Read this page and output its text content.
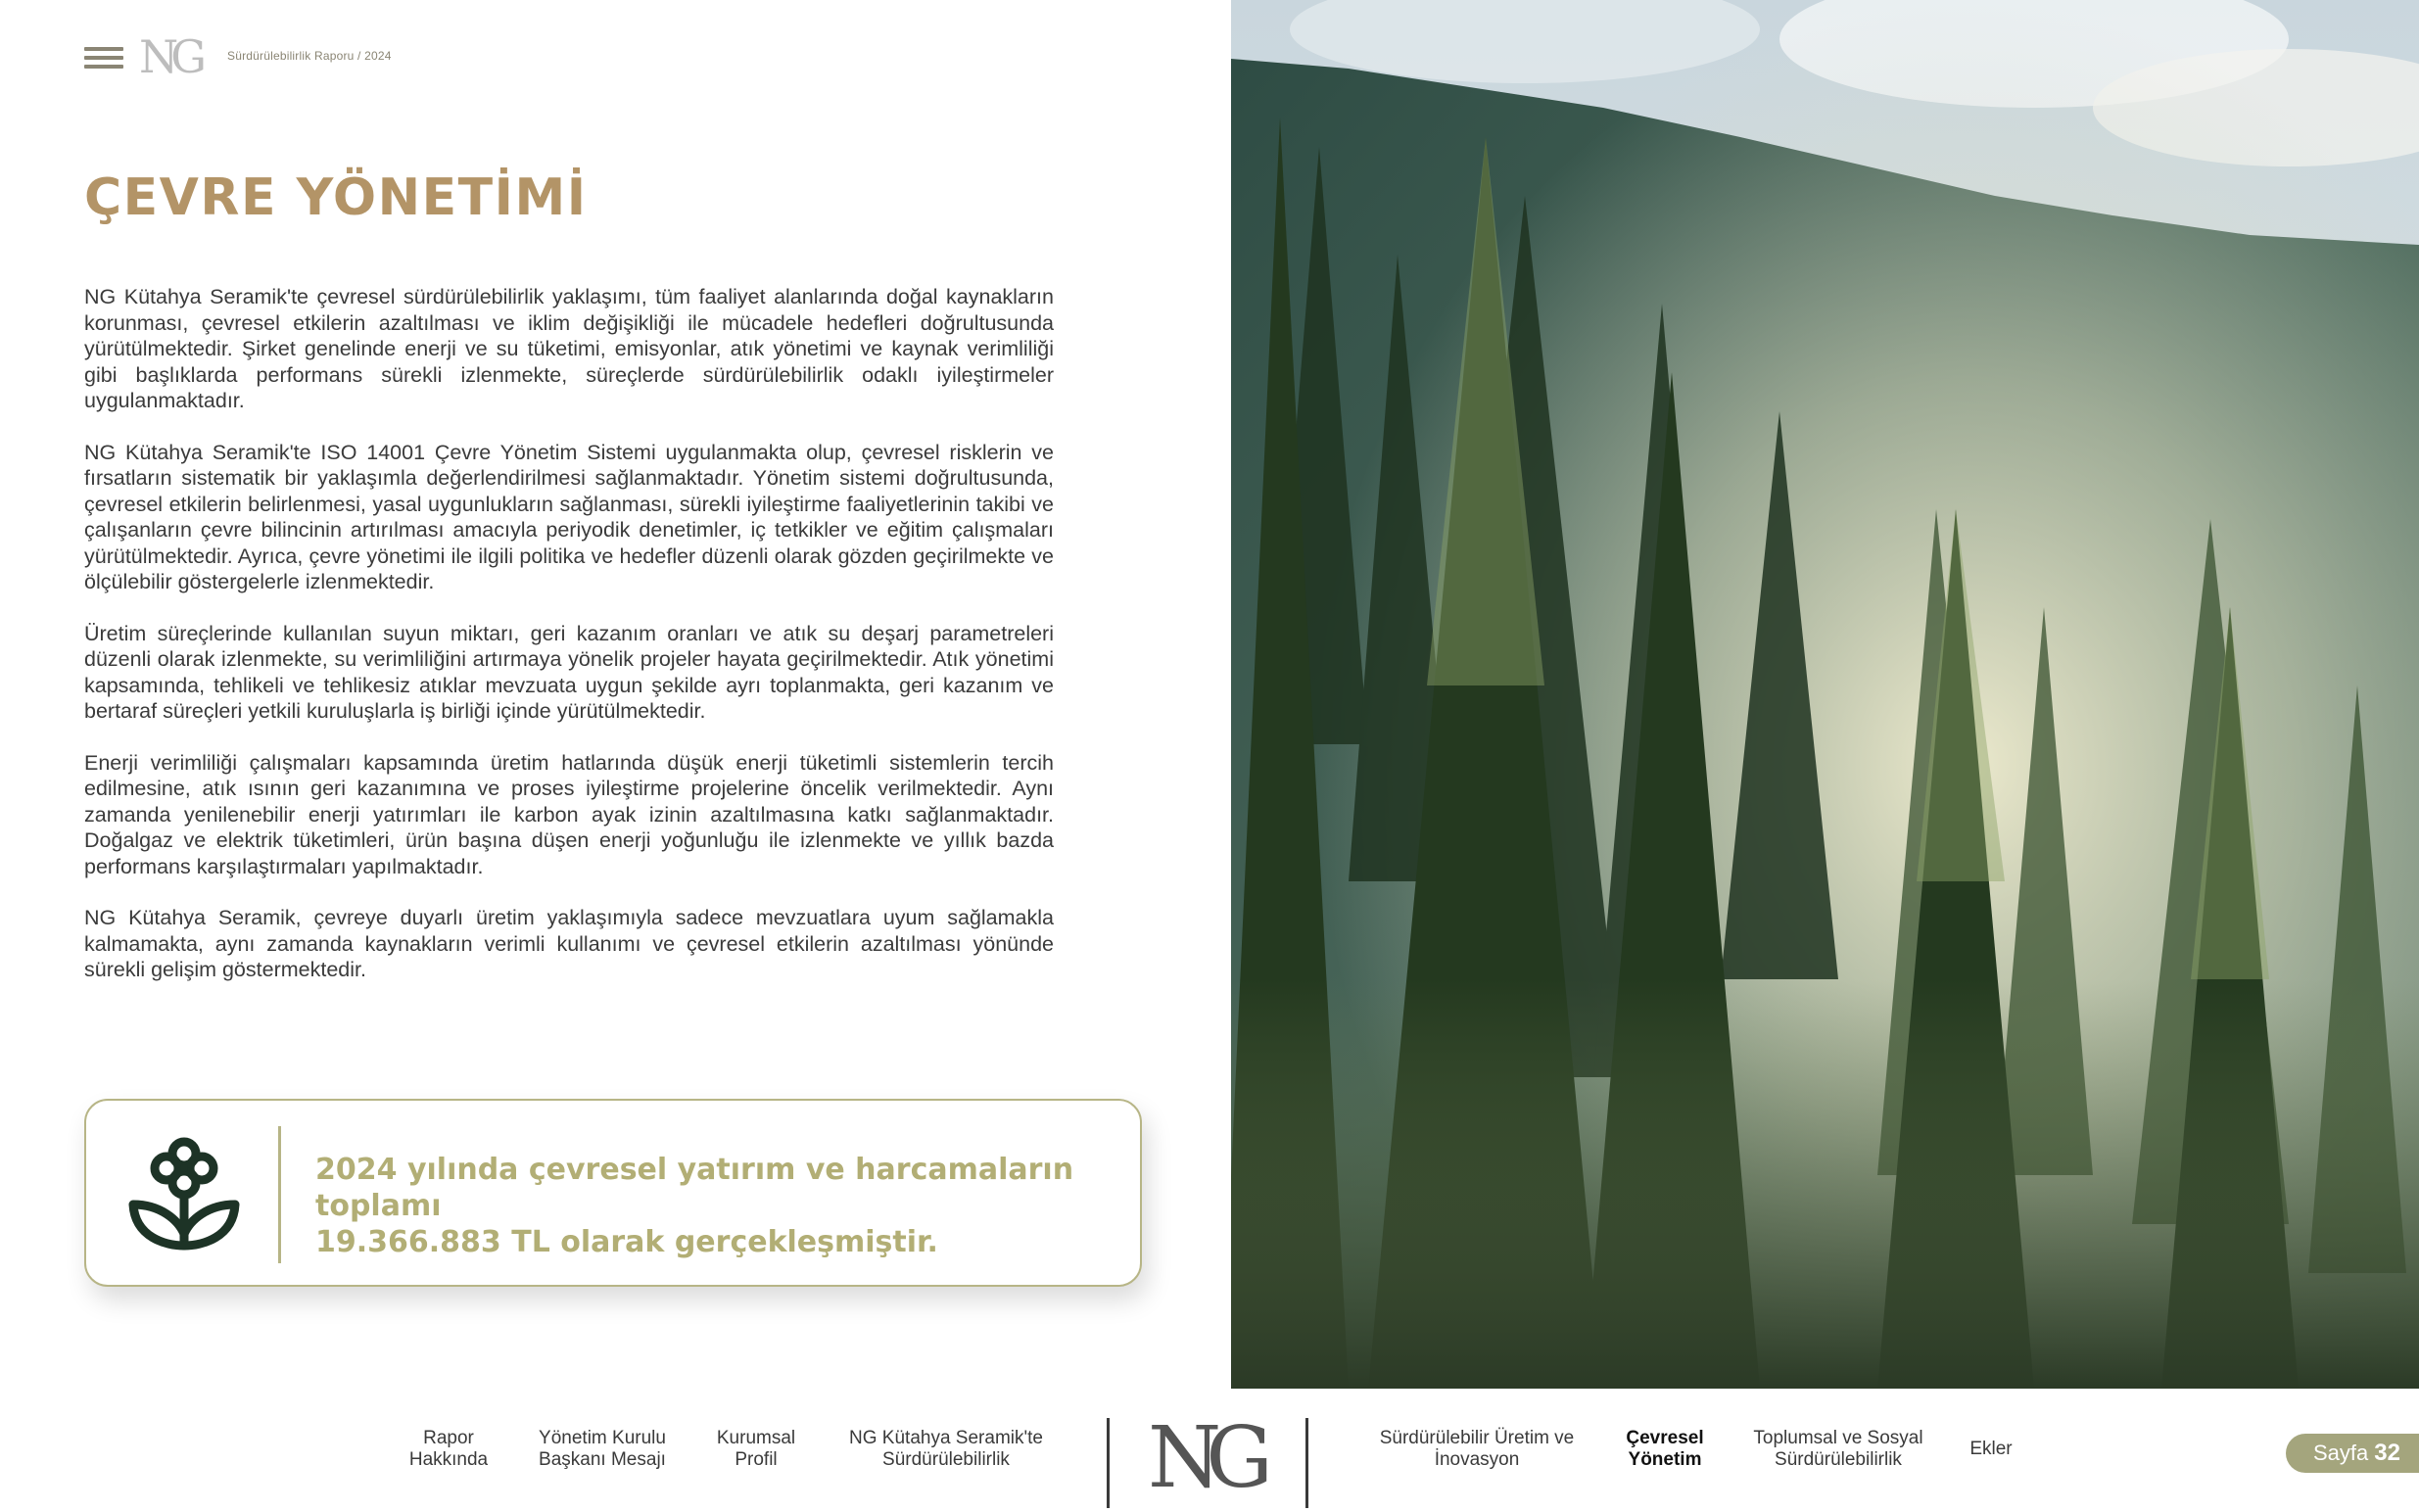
NG	Sürdürülebilirlik Raporu / 2024
ÇEVRE YÖNETİMİ

NG Kütahya Seramik'te çevresel sürdürülebilirlik yaklaşımı, tüm faaliyet alanlarında doğal kaynakların korunması, çevresel etkilerin azaltılması ve iklim değişikliği ile mücadele hedefleri doğrultusunda yürütülmektedir. Şirket genelinde enerji ve su tüketimi, emisyonlar, atık yönetimi ve kaynak verimliliği gibi başlıklarda performans sürekli izlenmekte, süreçlerde sürdürülebilirlik odaklı iyileştirmeler uygulanmaktadır.

NG Kütahya Seramik'te ISO 14001 Çevre Yönetim Sistemi uygulanmakta olup, çevresel risklerin ve fırsatların sistematik bir yaklaşımla değerlendirilmesi sağlanmaktadır. Yönetim sistemi doğrultusunda, çevresel etkilerin belirlenmesi, yasal uygunlukların sağlanması, sürekli iyileştirme faaliyetlerinin takibi ve çalışanların çevre bilincinin artırılması amacıyla periyodik denetimler, iç tetkikler ve eğitim çalışmaları yürütülmektedir. Ayrıca, çevre yönetimi ile ilgili politika ve hedefler düzenli olarak gözden geçirilmekte ve ölçülebilir göstergelerle izlenmektedir.

Üretim süreçlerinde kullanılan suyun miktarı, geri kazanım oranları ve atık su deşarj parametreleri düzenli olarak izlenmekte, su verimliliğini artırmaya yönelik projeler hayata geçirilmektedir. Atık yönetimi kapsamında, tehlikeli ve tehlikesiz atıklar mevzuata uygun şekilde ayrı toplanmakta, geri kazanım ve bertaraf süreçleri yetkili kuruluşlarla iş birliği içinde yürütülmektedir.

Enerji verimliliği çalışmaları kapsamında üretim hatlarında düşük enerji tüketimli sistemlerin tercih edilmesine, atık ısının geri kazanımına ve proses iyileştirme projelerine öncelik verilmektedir. Aynı zamanda yenilenebilir enerji yatırımları ile karbon ayak izinin azaltılmasına katkı sağlanmaktadır. Doğalgaz ve elektrik tüketimleri, ürün başına düşen enerji yoğunluğu ile izlenmekte ve yıllık bazda performans karşılaştırmaları yapılmaktadır.

NG Kütahya Seramik, çevreye duyarlı üretim yaklaşımıyla sadece mevzuatlara uyum sağlamakla kalmamakta, aynı zamanda kaynakların verimli kullanımı ve çevresel etkilerin azaltılması yönünde sürekli gelişim göstermektedir.

2024 yılında çevresel yatırım ve harcamaların toplamı
19.366.883 TL olarak gerçekleşmiştir.
Rapor
Hakkında
Yönetim Kurulu
Başkanı Mesajı
Kurumsal
Profil
NG Kütahya Seramik'te
Sürdürülebilirlik	NG	Sürdürülebilir Üretim ve
İnovasyon
Çevresel
Yönetim
Toplumsal ve Sosyal
Sürdürülebilirlik
Ekler	Sayfa 32
